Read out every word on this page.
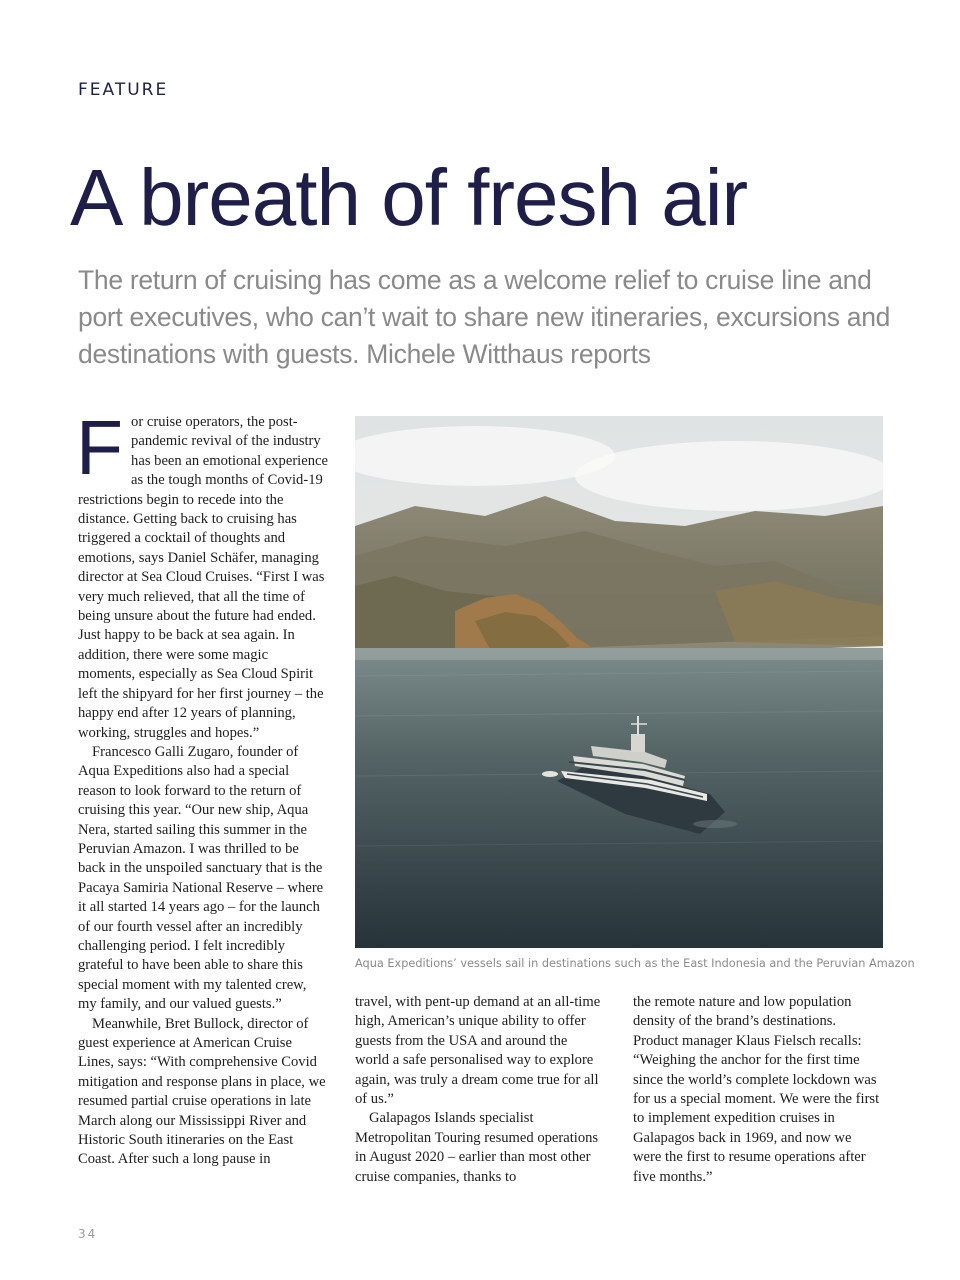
FEATURE
A breath of fresh air

The return of cruising has come as a welcome relief to cruise line and port executives, who can’t wait to share new itineraries, excursions and destinations with guests. Michele Witthaus reports

For cruise operators, the post-pandemic revival of the industry has been an emotional experience as the tough months of Covid-19 restrictions begin to recede into the distance. Getting back to cruising has triggered a cocktail of thoughts and emotions, says Daniel Schäfer, managing director at Sea Cloud Cruises. “First I was very much relieved, that all the time of being unsure about the future had ended. Just happy to be back at sea again. In addition, there were some magic moments, especially as Sea Cloud Spirit left the shipyard for her first journey – the happy end after 12 years of planning, working, struggles and hopes.”

Francesco Galli Zugaro, founder of Aqua Expeditions also had a special reason to look forward to the return of cruising this year. “Our new ship, Aqua Nera, started sailing this summer in the Peruvian Amazon. I was thrilled to be back in the unspoiled sanctuary that is the Pacaya Samiria National Reserve – where it all started 14 years ago – for the launch of our fourth vessel after an incredibly challenging period. I felt incredibly grateful to have been able to share this special moment with my talented crew, my family, and our valued guests.”

Meanwhile, Bret Bullock, director of guest experience at American Cruise Lines, says: “With comprehensive Covid mitigation and response plans in place, we resumed partial cruise operations in late March along our Mississippi River and Historic South itineraries on the East Coast. After such a long pause in

Aqua Expeditions’ vessels sail in destinations such as the East Indonesia and the Peruvian Amazon

travel, with pent-up demand at an all-time high, American’s unique ability to offer guests from the USA and around the world a safe personalised way to explore again, was truly a dream come true for all of us.”

Galapagos Islands specialist Metropolitan Touring resumed operations in August 2020 – earlier than most other cruise companies, thanks to

the remote nature and low population density of the brand’s destinations. Product manager Klaus Fielsch recalls: “Weighing the anchor for the first time since the world’s complete lockdown was for us a special moment. We were the first to implement expedition cruises in Galapagos back in 1969, and now we were the first to resume operations after five months.”

34
